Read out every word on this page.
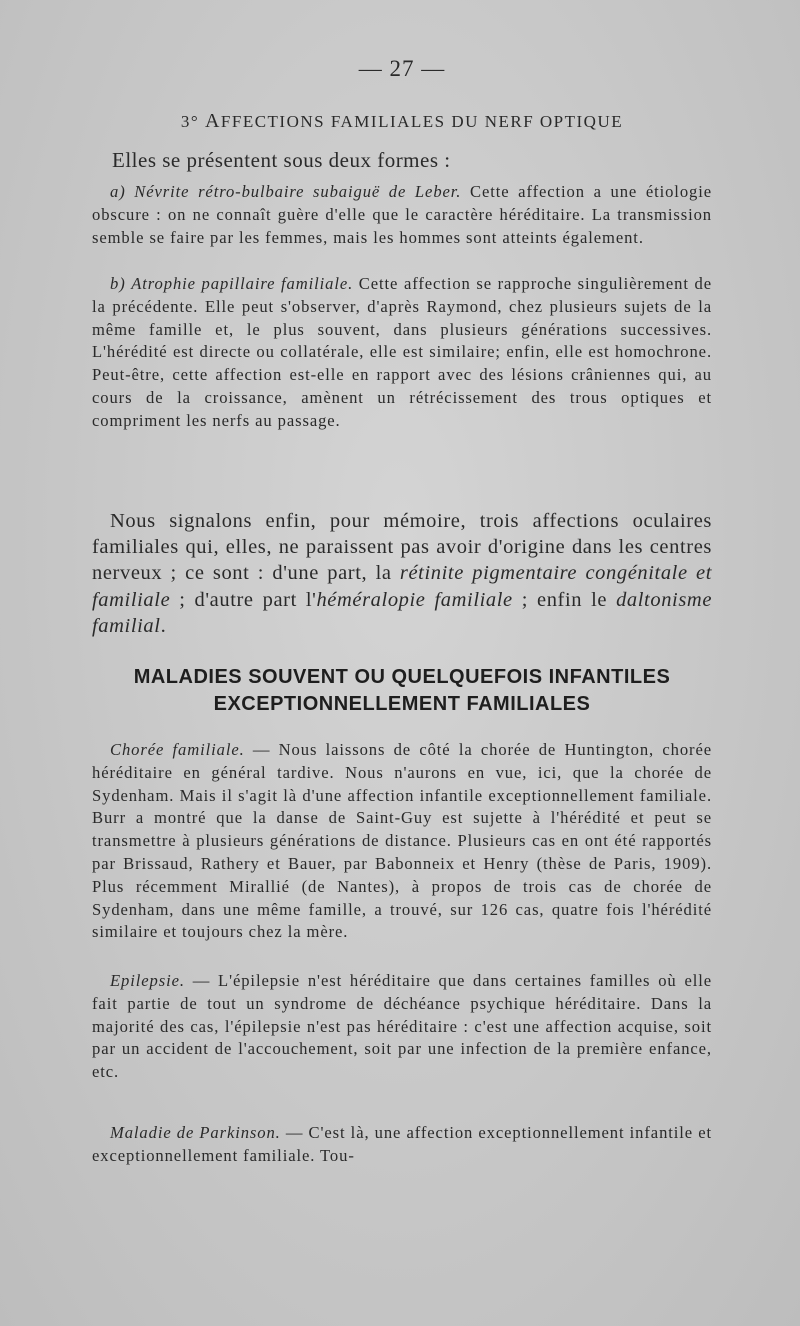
— 27 —
3° AFFECTIONS FAMILIALES DU NERF OPTIQUE
Elles se présentent sous deux formes :

a) Névrite rétro-bulbaire subaiguë de Leber. Cette affection a une étiologie obscure : on ne connaît guère d'elle que le caractère héréditaire. La transmission semble se faire par les femmes, mais les hommes sont atteints également.

b) Atrophie papillaire familiale. Cette affection se rapproche singulièrement de la précédente. Elle peut s'observer, d'après Raymond, chez plusieurs sujets de la même famille et, le plus souvent, dans plusieurs générations successives. L'hérédité est directe ou collatérale, elle est similaire; enfin, elle est homochrone. Peut-être, cette affection est-elle en rapport avec des lésions crâniennes qui, au cours de la croissance, amènent un rétrécissement des trous optiques et compriment les nerfs au passage.

Nous signalons enfin, pour mémoire, trois affections oculaires familiales qui, elles, ne paraissent pas avoir d'origine dans les centres nerveux ; ce sont : d'une part, la rétinite pigmentaire congénitale et familiale ; d'autre part l'héméralopie familiale ; enfin le daltonisme familial.

MALADIES SOUVENT OU QUELQUEFOIS INFANTILES
EXCEPTIONNELLEMENT FAMILIALES

Chorée familiale. — Nous laissons de côté la chorée de Huntington, chorée héréditaire en général tardive. Nous n'aurons en vue, ici, que la chorée de Sydenham. Mais il s'agit là d'une affection infantile exceptionnellement familiale. Burr a montré que la danse de Saint-Guy est sujette à l'hérédité et peut se transmettre à plusieurs générations de distance. Plusieurs cas en ont été rapportés par Brissaud, Rathery et Bauer, par Babonneix et Henry (thèse de Paris, 1909). Plus récemment Mirallié (de Nantes), à propos de trois cas de chorée de Sydenham, dans une même famille, a trouvé, sur 126 cas, quatre fois l'hérédité similaire et toujours chez la mère.

Epilepsie. — L'épilepsie n'est héréditaire que dans certaines familles où elle fait partie de tout un syndrome de déchéance psychique héréditaire. Dans la majorité des cas, l'épilepsie n'est pas héréditaire : c'est une affection acquise, soit par un accident de l'accouchement, soit par une infection de la première enfance, etc.

Maladie de Parkinson. — C'est là, une affection exceptionnellement infantile et exceptionnellement familiale. Tou-
